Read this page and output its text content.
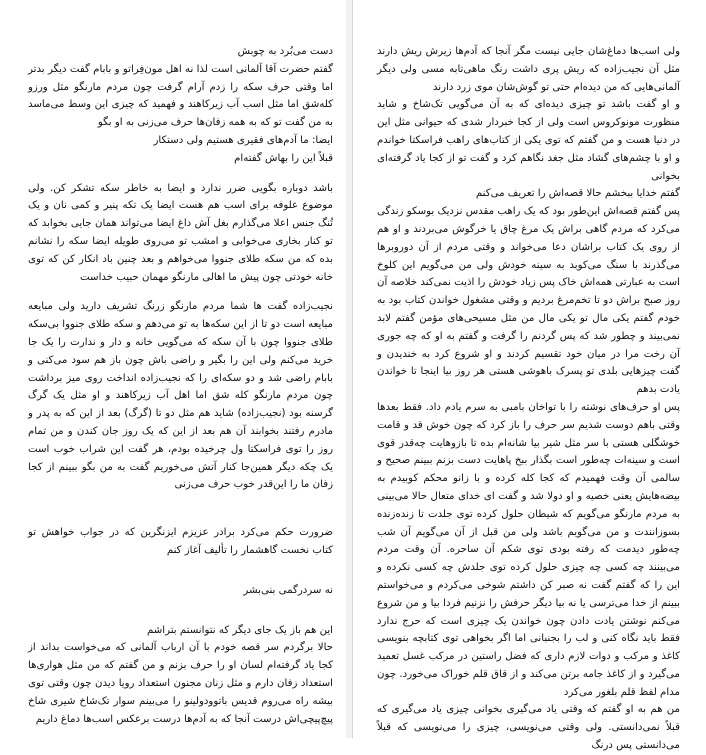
دست می‌بُرد به چوبش

گفتم حضرت آقا آلمانی است لذا نه اهل مون‌فِراتو و بابام گفت دیگر بدتر اما وقتی حرف سکه را زدم آرام گرفت چون مردم مارنگو مثل ورزو کله‌شق اما مثل اسب آب زیرکاهند و فهمید که چیزی این وسط می‌ماسد به من گفت تو که به همه زفان‌ها حرف می‌زنی به او بگو

ایضا: ما آدم‌های فقیری هستیم ولی دستکار

قبلاً این را بهاش گفته‌ام

باشد دوباره بگویی ضرر ندارد و ایضا به خاطر سکه تشکر کن. ولی موضوع علوفه برای اسب هم هست ایضا یک تکه پنیر و کمی نان و یک تُنگ جنس اعلا می‌گذارم بغل آش داغ ایضا می‌تواند همان جایی بخوابد که تو کنار بخاری می‌خوابی و امشب تو می‌روی طویله ایضا سکه را نشانم بده که من سکه طلای جنووا می‌خواهم و بعد چنین باد انکار کن که توی خانه خودتی چون پیش ما اهالی مارنگو مهمان حبیب خداست

نجیب‌زاده گفت ها شما مردم مارنگو زرنگ تشریف دارید ولی مبایعه مبایعه است دو تا از این سکه‌ها به تو می‌دهم و سکه طلای جنووا بی‌سکه طلای جنووا چون با آن سکه که می‌گویی خانه و دار و ندارت را یک جا خرید می‌کنم ولی این را بگیر و راضی باش چون باز هم سود می‌کنی و بابام راضی شد و دو سکه‌ای را که نجیب‌زاده انداخت روی میز برداشت چون مردم مارنگو کله شق اما اهل آب زیرکاهند و او مثل یک گرگ گرسنه بود (نجیب‌زاده) شاید هم مثل دو تا (گرگ) بعد از این که به پدر و مادرم رفتند بخوابند آن هم بعد از این که یک روز جان کندن و من تمام روز را توی فراسکتا ول چرخیده بودم، هر گفت این شراب خوب است یک چکه دیگر همین‌جا کنار آتش می‌خوریم گفت به من بگو ببینم از کجا زفان ما را این‌قدر خوب حرف می‌زنی

ضرورت حکم می‌کرد برادر عزیزم ایزنگرین که در جواب خواهش تو کتاب نخست گاهشمار را تألیف آغاز کنم

نه سردرگمی بنی‌بشر

این هم باز یک جای دیگر که نتوانستم بتراشم

حالا برگردم سر قصه خودم با آن ارباب آلمانی که می‌خواست بداند از کجا یاد گرفته‌ام لسان او را حرف بزنم و من گفتم که من مثل هواری‌ها استعداد زفان دارم و مثل زنان مجنون استعداد رویا دیدن چون وقتی توی بیشه راه می‌روم قدیس باتوودولینو را می‌بینم سوار تک‌شاخ شیری شاخ پیچ‌پیچی‌اش درست آنجا که به آدم‌ها درست برعکس اسب‌ها دماغ داریم

ولی اسب‌ها دماغ‌شان جایی نیست مگر آنجا که آدم‌ها زیرش ریش دارند مثل آن نجیب‌زاده که ریش پری داشت رنگ ماهی‌تابه مسی ولی دیگر آلمانی‌هایی که من دیده‌ام حتی تو گوش‌شان موی زرد دارند

و او گفت باشد تو چیزی دیده‌ای که به آن می‌گویی تک‌شاخ و شاید منظورت مونوکروس است ولی از کجا خبردار شدی که حیوانی مثل این در دنیا هست و من گفتم که توی یکی از کتاب‌های راهب فراسکتا خواندم و او با چشم‌های گشاد مثل جغد نگاهم کرد و گفت تو از کجا یاد گرفته‌ای بخوانی

گفتم خدایا ببخشم حالا قصه‌اش را تعریف می‌کنم

پس گفتم قصه‌اش این‌طور بود که یک راهب مقدس نزدیک بوسکو زندگی می‌کرد که مردم گاهی براش یک مرغ چاق یا خرگوش می‌بردند و او هم از روی یک کتاب براشان دعا می‌خواند و وقتی مردم از آن دوروبرها می‌گذرند با سنگ می‌کوبد به سینه خودش ولی من می‌گویم این کلوخ است به عبارتی همه‌اش خاک پس زیاد خودش را اذیت نمی‌کند خلاصه آن روز صبح براش دو تا تخم‌مرغ بردیم و وقتی مشغول خواندن کتاب بود به خودم گفتم یکی مال تو یکی مال من مثل مسیحی‌های مؤمن گفتم لابد نمی‌بیند و چطور شد که پس گردنم را گرفت و گفتم به او که چه جوری آن رخت مرا در میان خود تقسیم کردند و او شروع کرد به خندیدن و گفت چیزهایی بلدی تو پسرک باهوشی هستی هر روز بیا اینجا تا خواندن یادت بدهم

پس او حرف‌های نوشته را با تواخان بامبی به سرم یادم داد. فقط بعدها وقتی باهم دوست شدیم سر حرف را باز کرد که چون خوش قد و قامت خوشگلی هستی با سر مثل شیر بیا شانه‌ام بده تا بازوهایت چه‌قدر قوی است و سینه‌ات چه‌طور است بگذار ببخ پاهایت دست بزنم ببینم صحیح و سالمی آن وقت فهمیدم که کجا کله کرده و با زانو محکم کوبیدم به بیضه‌هایش یعنی خصیه و او دولا شد و گفت ای خدای متعال حالا می‌بینی به مردم مارنگو می‌گویم که شیطان حلول کرده توی جلدت تا زنده‌زنده بسوزانندت و من می‌گویم باشد ولی من قبل از آن می‌گویم آن شب چه‌طور دیدمت که رفته بودی توی شکم آن ساحره. آن وقت مردم می‌بینند چه کسی چه چیزی حلول کرده توی جلدش چه کسی نکرده و این را که گفتم گفت نه صبر کن داشتم شوخی می‌کردم و می‌خواستم ببینم از خدا می‌ترسی یا نه بیا دیگر حرفش را نزنیم فردا بیا و من شروع می‌کنم نوشتن یادت دادن چون خواندن یک چیزی است که حرج ندارد فقط باید نگاه کنی و لب را بجنبانی اما اگر بخواهی توی کتابچه بنویسی کاغذ و مرکب و دوات لازم داری که فضل راستین در مرکب غسل تعمید می‌گیرد و از کاغذ جامه برتن می‌کند و از قاق قلم خوراک می‌خورد. چون مدام لفظ قلم بلغور می‌کرد

من هم به او گفتم که وقتی یاد می‌گیری بخوانی چیزی یاد می‌گیری که قبلاً نمی‌دانستی. ولی وقتی می‌نویسی، چیزی را می‌نویسی که قبلاً می‌دانستی پس درنگ
